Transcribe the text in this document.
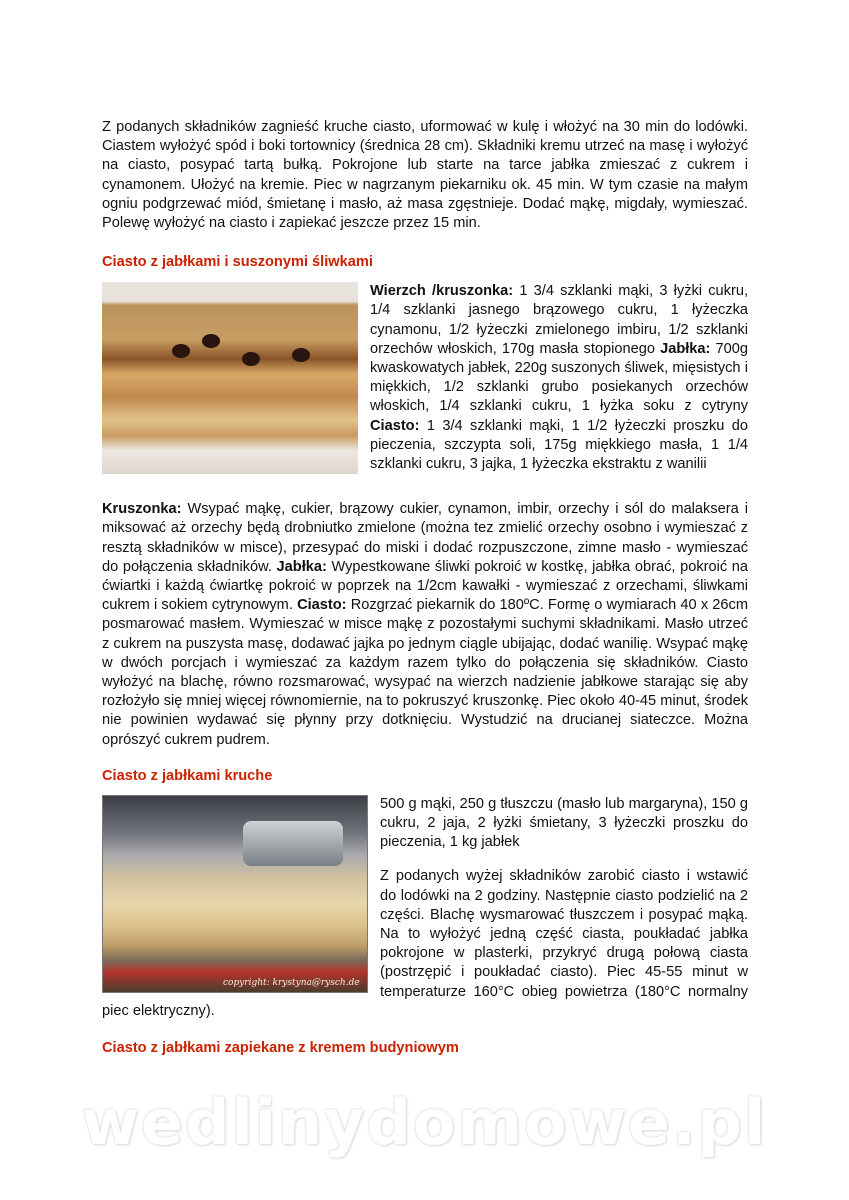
Z podanych składników zagnieść kruche ciasto, uformować w kulę i włożyć na 30 min do lodówki. Ciastem wyłożyć spód i boki tortownicy (średnica 28 cm). Składniki kremu utrzeć na masę i wyłożyć na ciasto, posypać tartą bułką. Pokrojone lub starte na tarce jabłka zmieszać z cukrem i cynamonem. Ułożyć na kremie. Piec w nagrzanym piekarniku ok. 45 min. W tym czasie na małym ogniu podgrzewać miód, śmietanę i masło, aż masa zgęstnieje. Dodać mąkę, migdały, wymieszać. Polewę wyłożyć na ciasto i zapiekać jeszcze przez 15 min.

Ciasto z jabłkami i suszonymi śliwkami

Wierzch /kruszonka: 1 3/4 szklanki mąki, 3 łyżki cukru, 1/4 szklanki jasnego brązowego cukru, 1 łyżeczka cynamonu, 1/2 łyżeczki zmielonego imbiru, 1/2 szklanki orzechów włoskich, 170g masła stopionego Jabłka: 700g kwaskowatych jabłek, 220g suszonych śliwek, mięsistych i miękkich, 1/2 szklanki grubo posiekanych orzechów włoskich, 1/4 szklanki cukru, 1 łyżka soku z cytryny Ciasto: 1 3/4 szklanki mąki, 1 1/2 łyżeczki proszku do pieczenia, szczypta soli, 175g miękkiego masła, 1 1/4 szklanki cukru, 3 jajka, 1 łyżeczka ekstraktu z wanilii

Kruszonka: Wsypać mąkę, cukier, brązowy cukier, cynamon, imbir, orzechy i sól do malaksera i miksować aż orzechy będą drobniutko zmielone (można tez zmielić orzechy osobno i wymieszać z resztą składników w misce), przesypać do miski i dodać rozpuszczone, zimne masło - wymieszać do połączenia składników. Jabłka: Wypestkowane śliwki pokroić w kostkę, jabłka obrać, pokroić na ćwiartki i każdą ćwiartkę pokroić w poprzek na 1/2cm kawałki - wymieszać z orzechami, śliwkami cukrem i sokiem cytrynowym. Ciasto: Rozgrzać piekarnik do 180ºC. Formę o wymiarach 40 x 26cm posmarować masłem. Wymieszać w misce mąkę z pozostałymi suchymi składnikami. Masło utrzeć z cukrem na puszysta masę, dodawać jajka po jednym ciągle ubijając, dodać wanilię. Wsypać mąkę w dwóch porcjach i wymieszać za każdym razem tylko do połączenia się składników. Ciasto wyłożyć na blachę, równo rozsmarować, wysypać na wierzch nadzienie jabłkowe starając się aby rozłożyło się mniej więcej równomiernie, na to pokruszyć kruszonkę. Piec około 40-45 minut, środek nie powinien wydawać się płynny przy dotknięciu. Wystudzić na drucianej siateczce. Można oprószyć cukrem pudrem.

Ciasto z jabłkami kruche
copyright: krystyna@rysch.de

500 g mąki, 250 g tłuszczu (masło lub margaryna), 150 g cukru, 2 jaja, 2 łyżki śmietany, 3 łyżeczki proszku do pieczenia, 1 kg jabłek

Z podanych wyżej składników zarobić ciasto i wstawić do lodówki na 2 godziny. Następnie ciasto podzielić na 2 części. Blachę wysmarować tłuszczem i posypać mąką. Na to wyłożyć jedną część ciasta, poukładać jabłka pokrojone w plasterki, przykryć drugą połową ciasta (postrzępić i poukładać ciasto). Piec 45-55 minut w temperaturze 160°C obieg powietrza (180°C normalny piec elektryczny).

Ciasto z jabłkami zapiekane z kremem budyniowym
wedlinydomowe.pl
